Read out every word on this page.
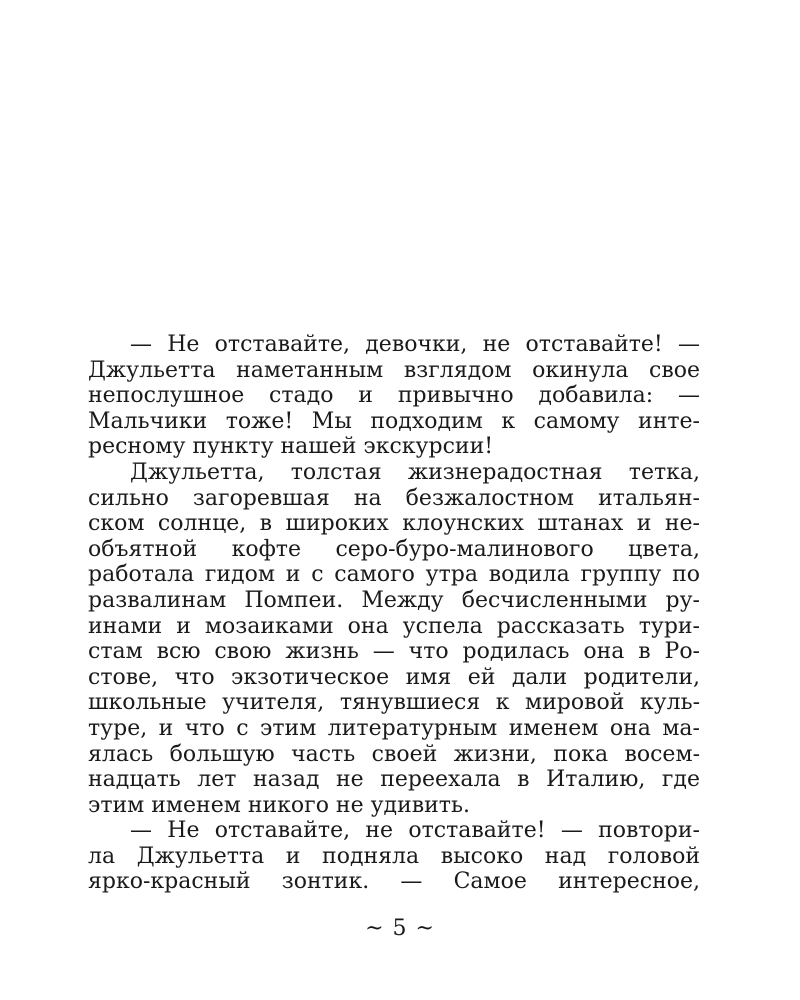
— Не отставайте, девочки, не отставайте! —
Джульетта наметанным взглядом окинула свое
непослушное стадо и привычно добавила: —
Мальчики тоже! Мы подходим к самому инте-
ресному пункту нашей экскурсии!
Джульетта, толстая жизнерадостная тетка,
сильно загоревшая на безжалостном итальян-
ском солнце, в широких клоунских штанах и не-
объятной кофте серо-буро-малинового цвета,
работала гидом и с самого утра водила группу по
развалинам Помпеи. Между бесчисленными ру-
инами и мозаиками она успела рассказать тури-
стам всю свою жизнь — что родилась она в Ро-
стове, что экзотическое имя ей дали родители,
школьные учителя, тянувшиеся к мировой куль-
туре, и что с этим литературным именем она ма-
ялась большую часть своей жизни, пока восем-
надцать лет назад не переехала в Италию, где
этим именем никого не удивить.
— Не отставайте, не отставайте! — повтори-
ла Джульетта и подняла высоко над головой
ярко-красный зонтик. — Самое интересное,
~ 5 ~
